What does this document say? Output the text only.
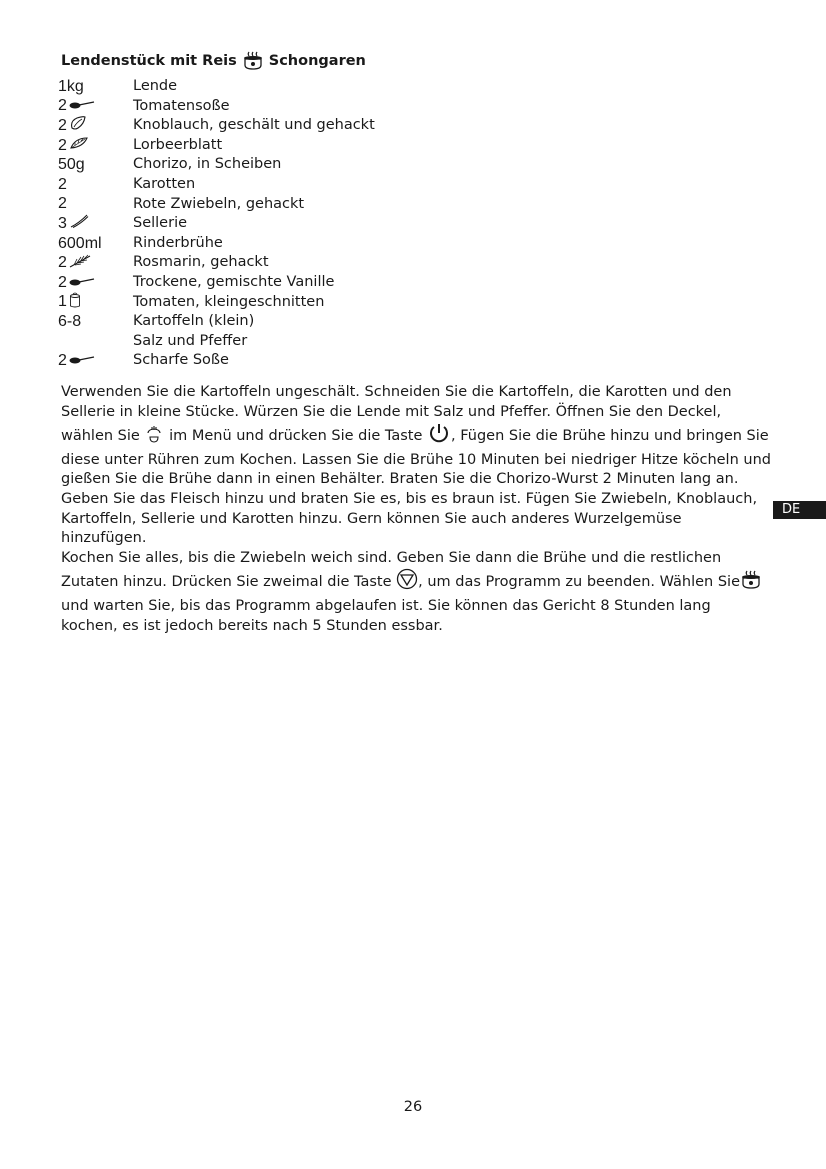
Lendenstück mit Reis Schongaren
1kg	Lende
2	Tomatensoße
2	Knoblauch, geschält und gehackt
2	Lorbeerblatt
50g	Chorizo, in Scheiben
2	Karotten
2	Rote Zwiebeln, gehackt
3	Sellerie
600ml Rinderbrühe
2	Rosmarin, gehackt
2	Trockene, gemischte Vanille
1	Tomaten, kleingeschnitten
6-8	Kartoffeln (klein)
Salz und Pfeffer
2	Scharfe Soße

Verwenden Sie die Kartoffeln ungeschält. Schneiden Sie die Kartoffeln, die Karotten und den Sellerie in kleine Stücke. Würzen Sie die Lende mit Salz und Pfeffer. Öffnen Sie den Deckel, wählen Sie im Menü und drücken Sie die Taste , Fügen Sie die Brühe hinzu und bringen Sie diese unter Rühren zum Kochen. Lassen Sie die Brühe 10 Minuten bei niedriger Hitze köcheln und gießen Sie die Brühe dann in einen Behälter. Braten Sie die Chorizo-Wurst 2 Minuten lang an.

Geben Sie das Fleisch hinzu und braten Sie es, bis es braun ist. Fügen Sie Zwiebeln, Knoblauch, Kartoffeln, Sellerie und Karotten hinzu. Gern können Sie auch anderes Wurzelgemüse hinzufügen.

Kochen Sie alles, bis die Zwiebeln weich sind. Geben Sie dann die Brühe und die restlichen Zutaten hinzu. Drücken Sie zweimal die Taste , um das Programm zu beenden. Wählen Sieund warten Sie, bis das Programm abgelaufen ist. Sie können das Gericht 8 Stunden lang kochen, es ist jedoch bereits nach 5 Stunden essbar.

DE
26
